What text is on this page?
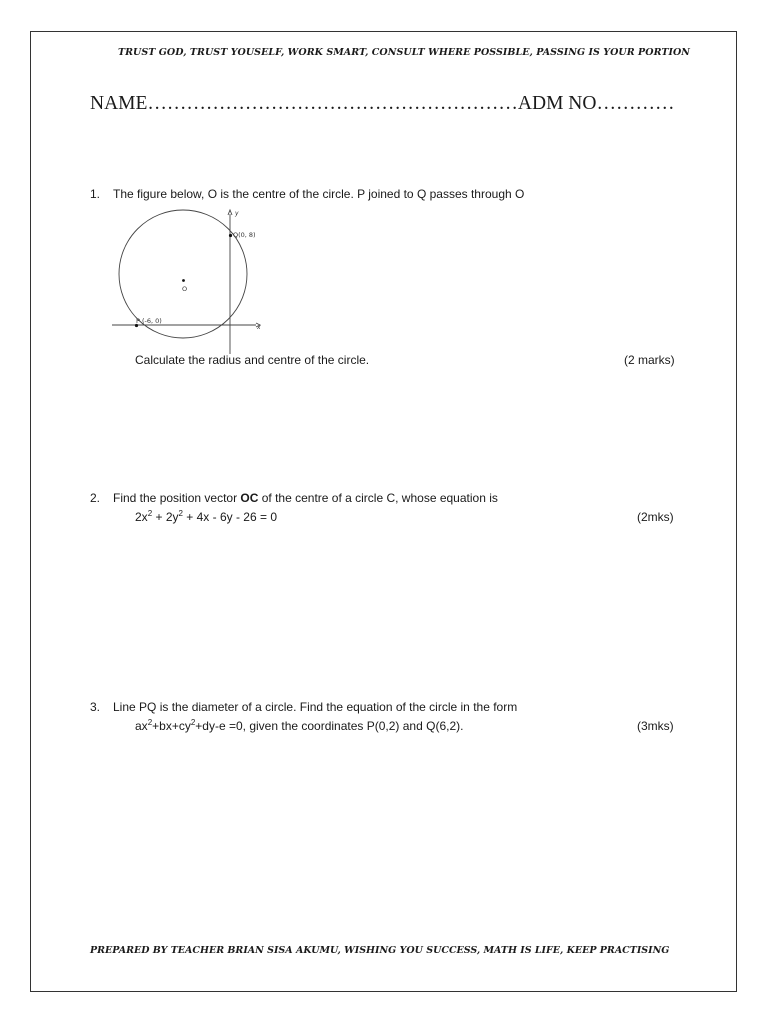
TRUST GOD, TRUST YOUSELF, WORK SMART, CONSULT WHERE POSSIBLE, PASSING IS YOUR PORTION
NAME…………………………………………………ADM NO…………
1. The figure below, O is the centre of the circle. P joined to Q passes through O
Calculate the radius and centre of the circle.	(2 marks)
y
x
Q(0, 8)
O
P (-6, 0)
2. Find the position vector OC of the centre of a circle C, whose equation is
$2x^2 + 2y^2 + 4x - 6y - 26 = 0$	(2mks)
3. Line PQ is the diameter of a circle. Find the equation of the circle in the form
$ax^2+bx+cy^2+dy-e =0$, given the coordinates P(0,2) and Q(6,2).	(3mks)
PREPARED BY TEACHER BRIAN SISA AKUMU, WISHING YOU SUCCESS, MATH IS LIFE, KEEP PRACTISING
